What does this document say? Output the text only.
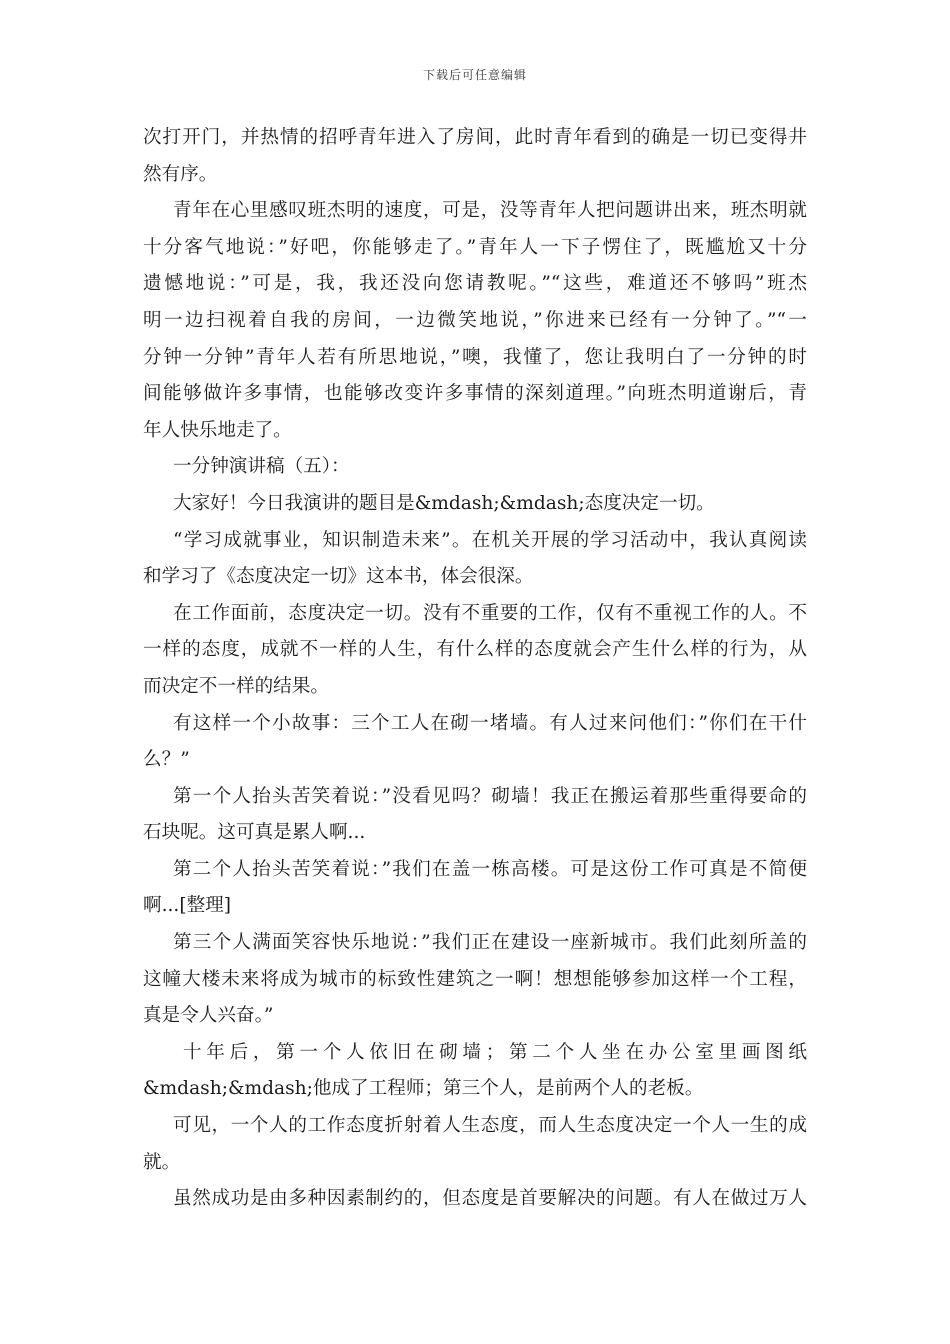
下载后可任意编辑
次打开门，并热情的招呼青年进入了房间，此时青年看到的确是一切已变得井
然有序。
青年在心里感叹班杰明的速度，可是，没等青年人把问题讲出来，班杰明就
十分客气地说：”好吧，你能够走了。”青年人一下子愣住了，既尴尬又十分
遗憾地说：”可是，我，我还没向您请教呢。”“这些，难道还不够吗”班杰
明一边扫视着自我的房间，一边微笑地说，”你进来已经有一分钟了。”“一
分钟一分钟”青年人若有所思地说，”噢，我懂了，您让我明白了一分钟的时
间能够做许多事情，也能够改变许多事情的深刻道理。”向班杰明道谢后，青
年人快乐地走了。
一分钟演讲稿（五）：
大家好！今日我演讲的题目是&mdash;&mdash;态度决定一切。
“学习成就事业，知识制造未来”。在机关开展的学习活动中，我认真阅读
和学习了《态度决定一切》这本书，体会很深。
在工作面前，态度决定一切。没有不重要的工作，仅有不重视工作的人。不
一样的态度，成就不一样的人生，有什么样的态度就会产生什么样的行为，从
而决定不一样的结果。
有这样一个小故事：三个工人在砌一堵墙。有人过来问他们：”你们在干什
么？”
第一个人抬头苦笑着说：”没看见吗？砌墙！我正在搬运着那些重得要命的
石块呢。这可真是累人啊...
第二个人抬头苦笑着说：”我们在盖一栋高楼。可是这份工作可真是不简便
啊...[整理]
第三个人满面笑容快乐地说：”我们正在建设一座新城市。我们此刻所盖的
这幢大楼未来将成为城市的标致性建筑之一啊！想想能够参加这样一个工程，
真是令人兴奋。”
十年后，第一个人依旧在砌墙；第二个人坐在办公室里画图纸
&mdash;&mdash;他成了工程师；第三个人，是前两个人的老板。
可见，一个人的工作态度折射着人生态度，而人生态度决定一个人一生的成
就。
虽然成功是由多种因素制约的，但态度是首要解决的问题。有人在做过万人
